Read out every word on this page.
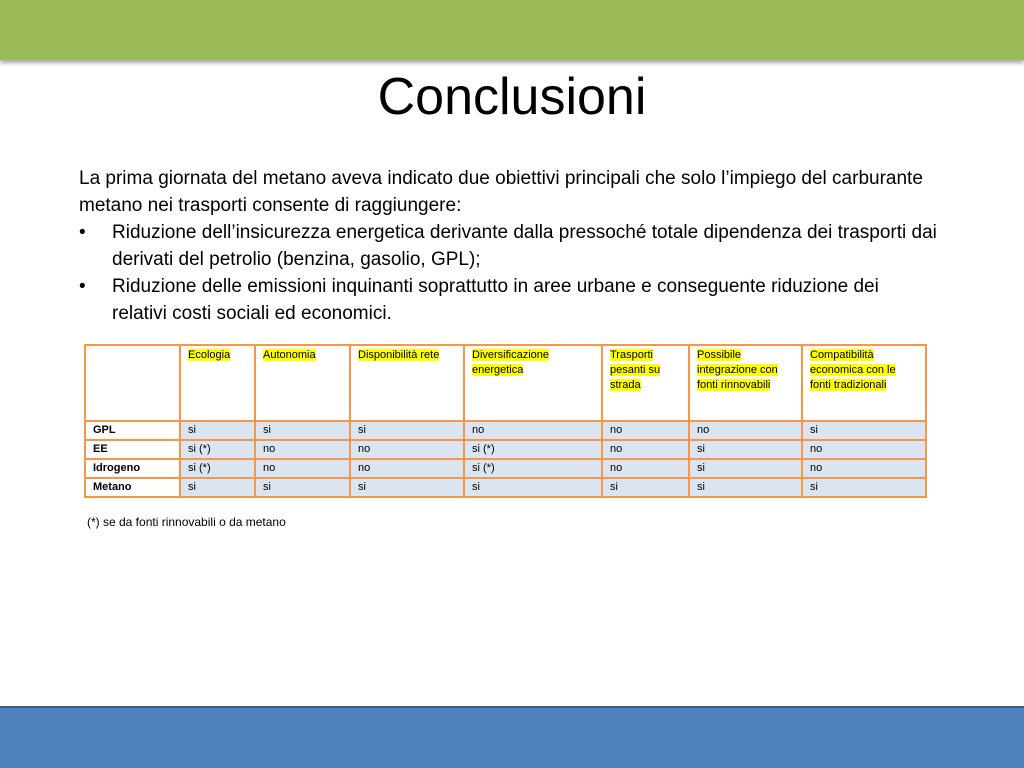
Conclusioni

La prima giornata del metano aveva indicato due obiettivi principali che solo l’impiego del carburante metano nei trasporti consente di raggiungere:

• Riduzione dell’insicurezza energetica derivante dalla pressoché totale dipendenza dei trasporti dai derivati del petrolio (benzina, gasolio, GPL);
• Riduzione delle emissioni inquinanti soprattutto in aree urbane e conseguente riduzione dei relativi costi sociali ed economici.
	Ecologia	Autonomia	Disponibilità rete	Diversificazione energetica	Trasporti pesanti su strada	Possibile integrazione con fonti rinnovabili	Compatibilità economica con le fonti tradizionali
GPL	si	si	si	no	no	no	si
EE	si (*)	no	no	si (*)	no	si	no
Idrogeno	si (*)	no	no	si (*)	no	si	no
Metano	si	si	si	si	si	si	si
(*) se da fonti rinnovabili o da metano
